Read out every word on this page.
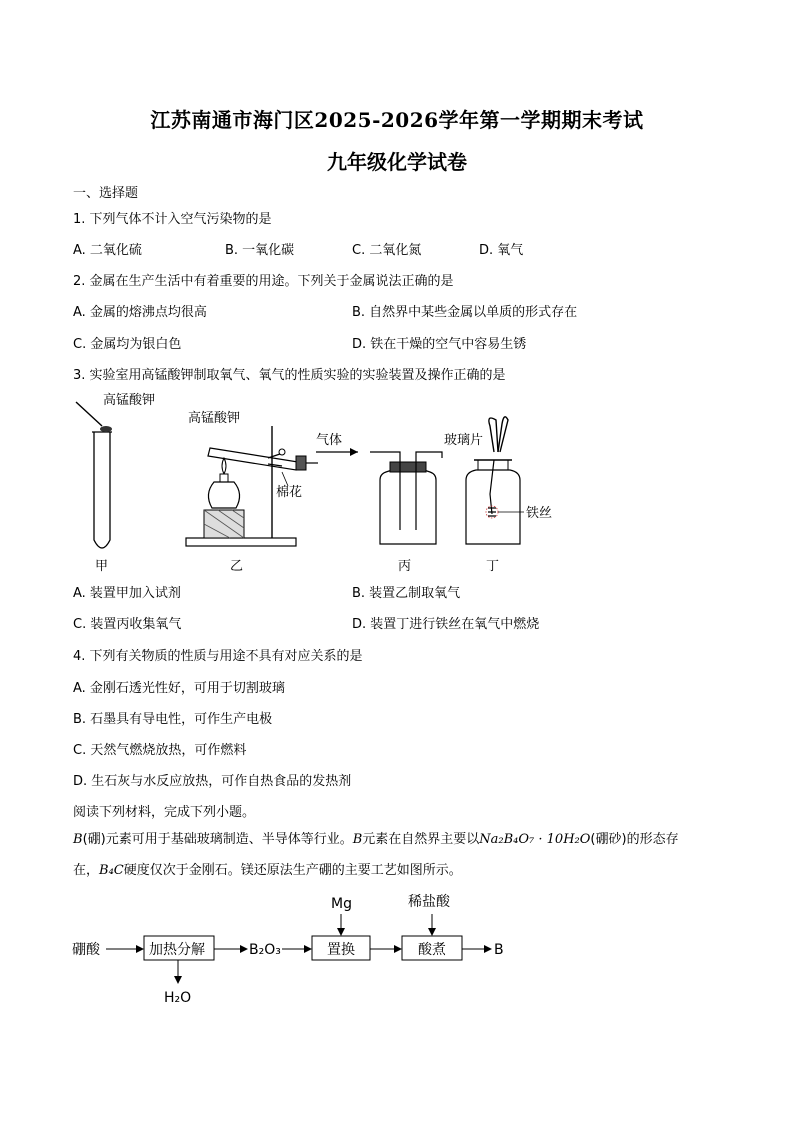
江苏南通市海门区2025-2026学年第一学期期末考试
九年级化学试卷
一、选择题
1. 下列气体不计入空气污染物的是
A. 二氧化硫	B. 一氧化碳	C. 二氧化氮	D. 氧气
2. 金属在生产生活中有着重要的用途。下列关于金属说法正确的是
A. 金属的熔沸点均很高	B. 自然界中某些金属以单质的形式存在
C. 金属均为银白色	D. 铁在干燥的空气中容易生锈
3. 实验室用高锰酸钾制取氧气、氧气的性质实验的实验装置及操作正确的是
高锰酸钾
甲
高锰酸钾
棉花
乙
气体
丙
玻璃片
铁丝
丁
A. 装置甲加入试剂	B. 装置乙制取氧气
C. 装置丙收集氧气	D. 装置丁进行铁丝在氧气中燃烧
4. 下列有关物质的性质与用途不具有对应关系的是
A. 金刚石透光性好，可用于切割玻璃
B. 石墨具有导电性，可作生产电极
C. 天然气燃烧放热，可作燃料
D. 生石灰与水反应放热，可作自热食品的发热剂
阅读下列材料，完成下列小题。
B(硼)元素可用于基础玻璃制造、半导体等行业。B元素在自然界主要以Na₂B₄O₇ · 10H₂O(硼砂)的形态存
在，B₄C硬度仅次于金刚石。镁还原法生产硼的主要工艺如图所示。
硼酸	加热分解	B₂O₃	置换
Mg
酸煮
稀盐酸
B
H₂O
